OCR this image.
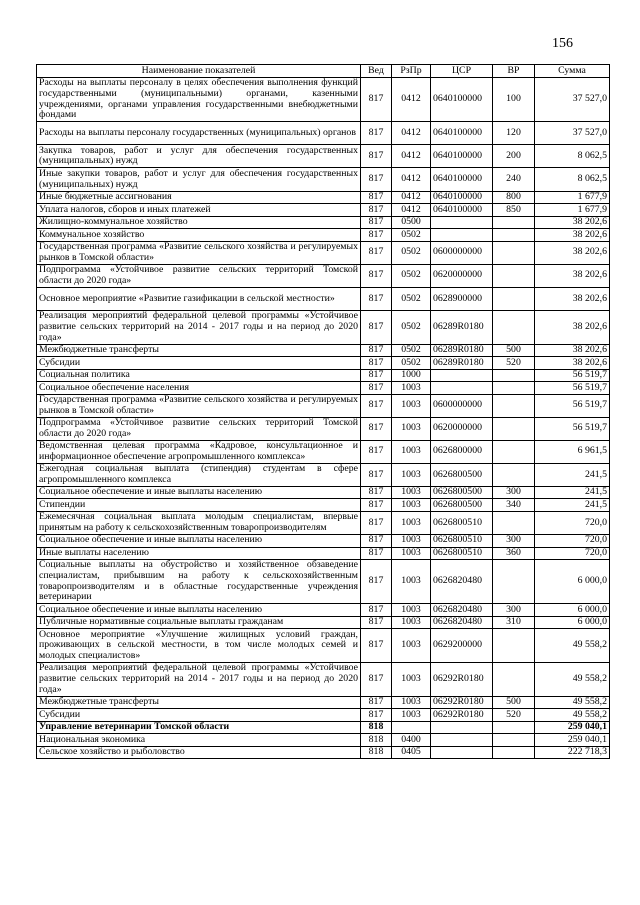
156
Наименование показателей	Вед	РзПр	ЦСР	ВР	Сумма
Расходы на выплаты персоналу в целях обеспечения выполнения функций государственными (муниципальными) органами, казенными учреждениями, органами управления государственными внебюджетными фондами	817	0412	0640100000	100	37 527,0
Расходы на выплаты персоналу государственных (муниципальных) органов	817	0412	0640100000	120	37 527,0
Закупка товаров, работ и услуг для обеспечения государственных (муниципальных) нужд	817	0412	0640100000	200	8 062,5
Иные закупки товаров, работ и услуг для обеспечения государственных (муниципальных) нужд	817	0412	0640100000	240	8 062,5
Иные бюджетные ассигнования	817	0412	0640100000	800	1 677,9
Уплата налогов, сборов и иных платежей	817	0412	0640100000	850	1 677,9
Жилищно-коммунальное хозяйство	817	0500			38 202,6
Коммунальное хозяйство	817	0502			38 202,6
Государственная программа «Развитие сельского хозяйства и регулируемых рынков в Томской области»	817	0502	0600000000		38 202,6
Подпрограмма «Устойчивое развитие сельских территорий Томской области до 2020 года»	817	0502	0620000000		38 202,6
Основное мероприятие «Развитие газификации в сельской местности»	817	0502	0628900000		38 202,6
Реализация мероприятий федеральной целевой программы «Устойчивое развитие сельских территорий на 2014 - 2017 годы и на период до 2020 года»	817	0502	06289R0180		38 202,6
Межбюджетные трансферты	817	0502	06289R0180	500	38 202,6
Субсидии	817	0502	06289R0180	520	38 202,6
Социальная политика	817	1000			56 519,7
Социальное обеспечение населения	817	1003			56 519,7
Государственная программа «Развитие сельского хозяйства и регулируемых рынков в Томской области»	817	1003	0600000000		56 519,7
Подпрограмма «Устойчивое развитие сельских территорий Томской области до 2020 года»	817	1003	0620000000		56 519,7
Ведомственная целевая программа «Кадровое, консультационное и информационное обеспечение агропромышленного комплекса»	817	1003	0626800000		6 961,5
Ежегодная социальная выплата (стипендия) студентам в сфере агропромышленного комплекса	817	1003	0626800500		241,5
Социальное обеспечение и иные выплаты населению	817	1003	0626800500	300	241,5
Стипендии	817	1003	0626800500	340	241,5
Ежемесячная социальная выплата молодым специалистам, впервые принятым на работу к сельскохозяйственным товаропроизводителям	817	1003	0626800510		720,0
Социальное обеспечение и иные выплаты населению	817	1003	0626800510	300	720,0
Иные выплаты населению	817	1003	0626800510	360	720,0
Социальные выплаты на обустройство и хозяйственное обзаведение специалистам, прибывшим на работу к сельскохозяйственным товаропроизводителям и в областные государственные учреждения ветеринарии	817	1003	0626820480		6 000,0
Социальное обеспечение и иные выплаты населению	817	1003	0626820480	300	6 000,0
Публичные нормативные социальные выплаты гражданам	817	1003	0626820480	310	6 000,0
Основное мероприятие «Улучшение жилищных условий граждан, проживающих в сельской местности, в том числе молодых семей и молодых специалистов»	817	1003	0629200000		49 558,2
Реализация мероприятий федеральной целевой программы «Устойчивое развитие сельских территорий на 2014 - 2017 годы и на период до 2020 года»	817	1003	06292R0180		49 558,2
Межбюджетные трансферты	817	1003	06292R0180	500	49 558,2
Субсидии	817	1003	06292R0180	520	49 558,2
Управление ветеринарии Томской области	818				259 040,1
Национальная экономика	818	0400			259 040,1
Сельское хозяйство и рыболовство	818	0405			222 718,3
